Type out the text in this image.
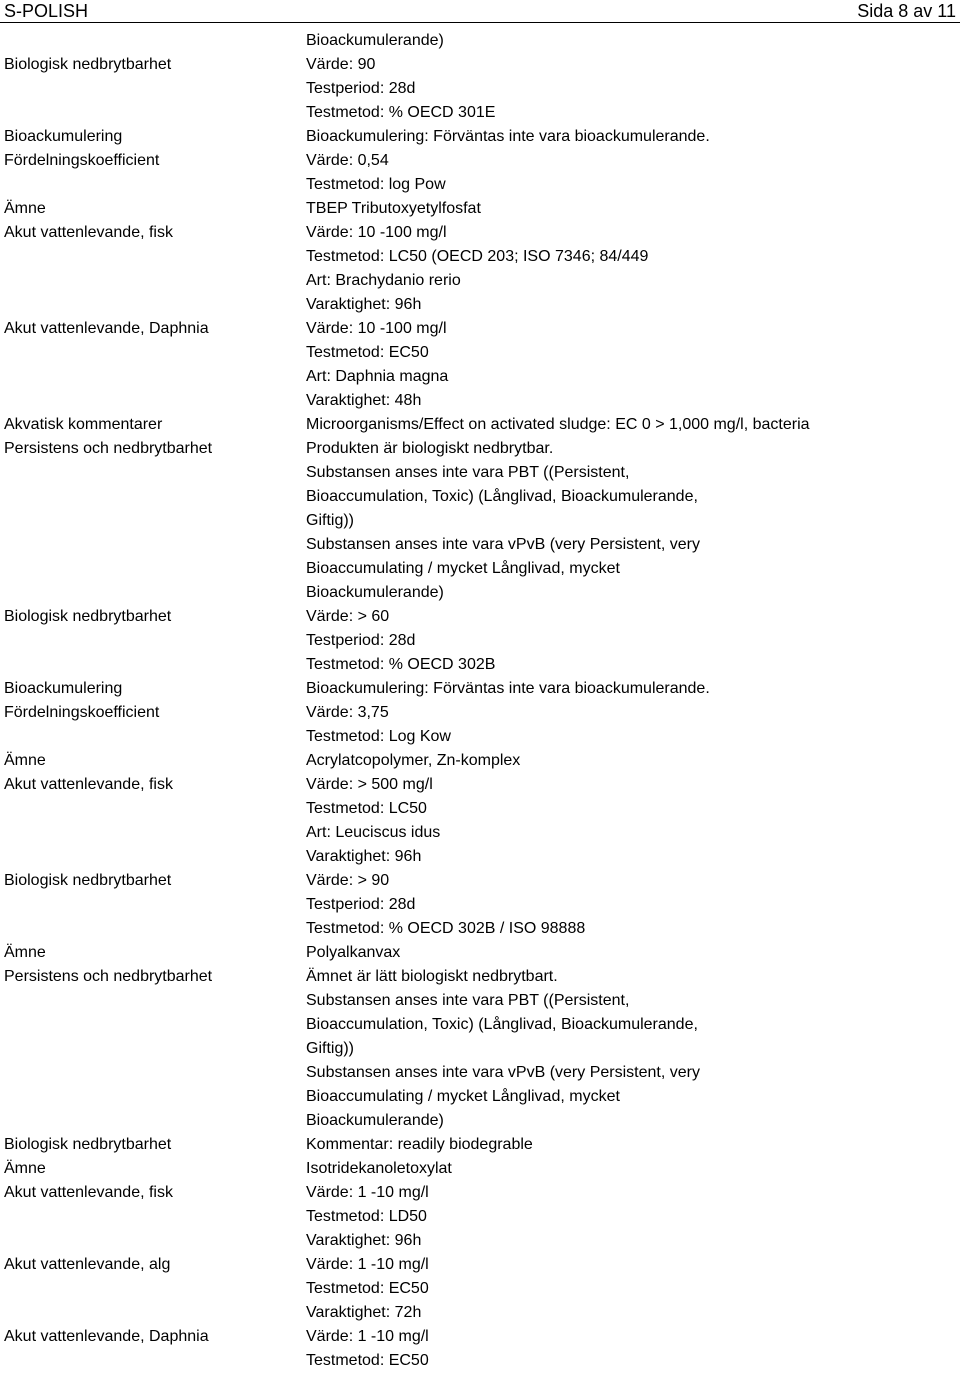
S-POLISH	Sida 8 av 11
Bioackumulerande)
Biologisk nedbrytbarhet	Värde: 90
Testperiod: 28d
Testmetod: % OECD 301E
Bioackumulering	Bioackumulering: Förväntas inte vara bioackumulerande.
Fördelningskoefficient	Värde: 0,54
Testmetod: log Pow
Ämne	TBEP Tributoxyetylfosfat
Akut vattenlevande, fisk	Värde: 10 -100 mg/l
Testmetod: LC50 (OECD 203; ISO 7346; 84/449
Art: Brachydanio rerio
Varaktighet: 96h
Akut vattenlevande, Daphnia	Värde: 10 -100 mg/l
Testmetod: EC50
Art: Daphnia magna
Varaktighet: 48h
Akvatisk kommentarer	Microorganisms/Effect on activated sludge: EC 0 > 1,000 mg/l, bacteria
Persistens och nedbrytbarhet	Produkten är biologiskt nedbrytbar.
Substansen anses inte vara PBT ((Persistent,
Bioaccumulation, Toxic) (Långlivad, Bioackumulerande,
Giftig))
Substansen anses inte vara vPvB (very Persistent, very
Bioaccumulating / mycket Långlivad, mycket
Bioackumulerande)
Biologisk nedbrytbarhet	Värde: > 60
Testperiod: 28d
Testmetod: % OECD 302B
Bioackumulering	Bioackumulering: Förväntas inte vara bioackumulerande.
Fördelningskoefficient	Värde: 3,75
Testmetod: Log Kow
Ämne	Acrylatcopolymer, Zn-komplex
Akut vattenlevande, fisk	Värde: > 500 mg/l
Testmetod: LC50
Art: Leuciscus idus
Varaktighet: 96h
Biologisk nedbrytbarhet	Värde: > 90
Testperiod: 28d
Testmetod: % OECD 302B / ISO 98888
Ämne	Polyalkanvax
Persistens och nedbrytbarhet	Ämnet är lätt biologiskt nedbrytbart.
Substansen anses inte vara PBT ((Persistent,
Bioaccumulation, Toxic) (Långlivad, Bioackumulerande,
Giftig))
Substansen anses inte vara vPvB (very Persistent, very
Bioaccumulating / mycket Långlivad, mycket
Bioackumulerande)
Biologisk nedbrytbarhet	Kommentar: readily biodegrable
Ämne	Isotridekanoletoxylat
Akut vattenlevande, fisk	Värde: 1 -10 mg/l
Testmetod: LD50
Varaktighet: 96h
Akut vattenlevande, alg	Värde: 1 -10 mg/l
Testmetod: EC50
Varaktighet: 72h
Akut vattenlevande, Daphnia	Värde: 1 -10 mg/l
Testmetod: EC50
